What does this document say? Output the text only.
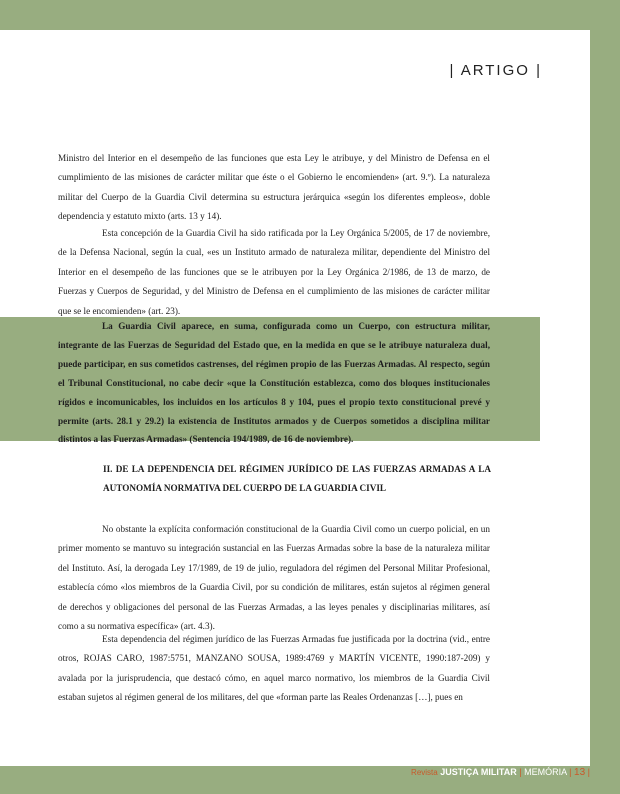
| ARTIGO |

Ministro del Interior en el desempeño de las funciones que esta Ley le atribuye, y del Ministro de Defensa en el cumplimiento de las misiones de carácter militar que éste o el Gobierno le encomienden» (art. 9.º). La naturaleza militar del Cuerpo de la Guardia Civil determina su estructura jerárquica «según los diferentes empleos», doble dependencia y estatuto mixto (arts. 13 y 14).

Esta concepción de la Guardia Civil ha sido ratificada por la Ley Orgánica 5/2005, de 17 de noviembre, de la Defensa Nacional, según la cual, «es un Instituto armado de naturaleza militar, dependiente del Ministro del Interior en el desempeño de las funciones que se le atribuyen por la Ley Orgánica 2/1986, de 13 de marzo, de Fuerzas y Cuerpos de Seguridad, y del Ministro de Defensa en el cumplimiento de las misiones de carácter militar que se le encomienden» (art. 23).

La Guardia Civil aparece, en suma, configurada como un Cuerpo, con estructura militar, integrante de las Fuerzas de Seguridad del Estado que, en la medida en que se le atribuye naturaleza dual, puede participar, en sus cometidos castrenses, del régimen propio de las Fuerzas Armadas. Al respecto, según el Tribunal Constitucional, no cabe decir «que la Constitución establezca, como dos bloques institucionales rígidos e incomunicables, los incluidos en los artículos 8 y 104, pues el propio texto constitucional prevé y permite (arts. 28.1 y 29.2) la existencia de Institutos armados y de Cuerpos sometidos a disciplina militar distintos a las Fuerzas Armadas» (Sentencia 194/1989, de 16 de noviembre).

II. DE LA DEPENDENCIA DEL RÉGIMEN JURÍDICO DE LAS FUERZAS ARMADAS A LA AUTONOMÍA NORMATIVA DEL CUERPO DE LA GUARDIA CIVIL

No obstante la explícita conformación constitucional de la Guardia Civil como un cuerpo policial, en un primer momento se mantuvo su integración sustancial en las Fuerzas Armadas sobre la base de la naturaleza militar del Instituto. Así, la derogada Ley 17/1989, de 19 de julio, reguladora del régimen del Personal Militar Profesional, establecía cómo «los miembros de la Guardia Civil, por su condición de militares, están sujetos al régimen general de derechos y obligaciones del personal de las Fuerzas Armadas, a las leyes penales y disciplinarias militares, así como a su normativa específica» (art. 4.3).

Esta dependencia del régimen jurídico de las Fuerzas Armadas fue justificada por la doctrina (vid., entre otros, ROJAS CARO, 1987:5751, MANZANO SOUSA, 1989:4769 y MARTÍN VICENTE, 1990:187-209) y avalada por la jurisprudencia, que destacó cómo, en aquel marco normativo, los miembros de la Guardia Civil estaban sujetos al régimen general de los militares, del que «forman parte las Reales Ordenanzas […], pues en

Revista JUSTIÇA MILITAR | MEMÓRIA | 13 |
